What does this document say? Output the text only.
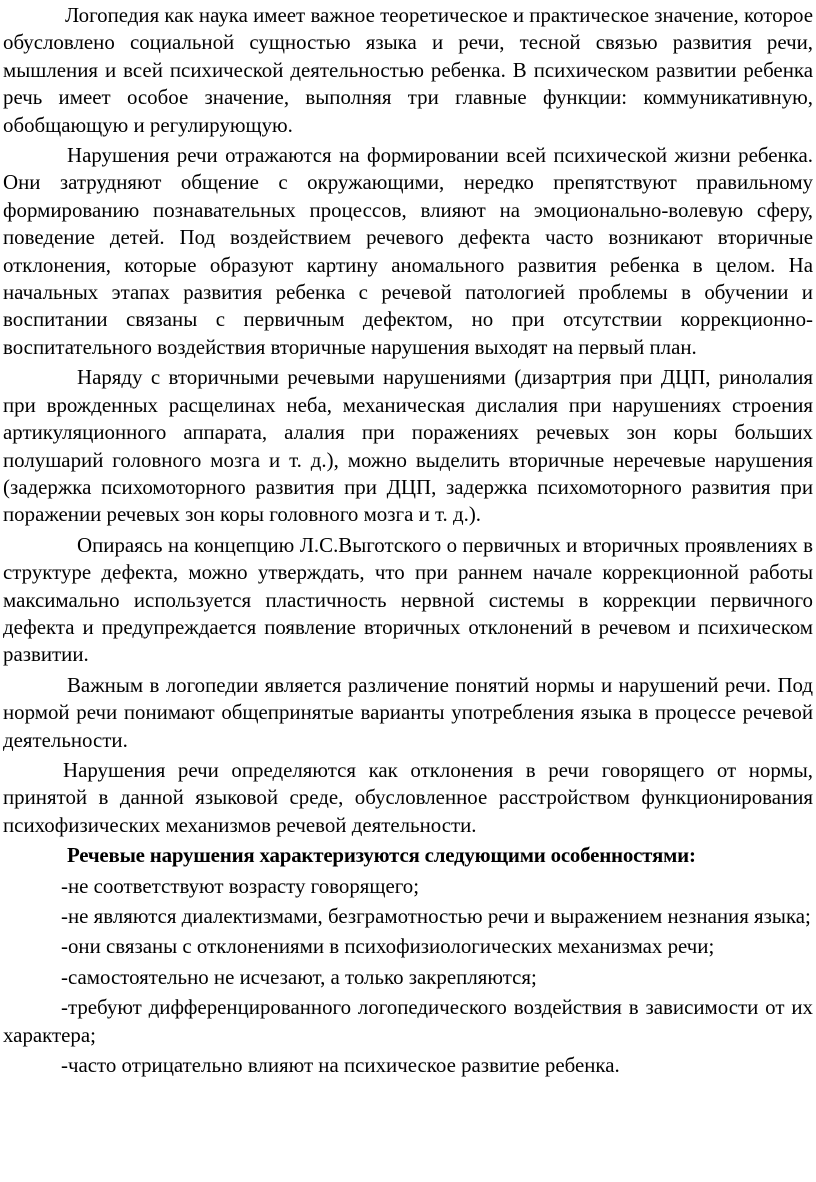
Логопедия как наука имеет важное теоретическое и практическое значение, которое обусловлено социальной сущностью языка и речи, тесной связью развития речи, мышления и всей психической деятельностью ребенка. В психическом развитии ребенка речь имеет особое значение, выполняя три главные функции: коммуникативную, обобщающую и регулирующую.

Нарушения речи отражаются на формировании всей психической жизни ребенка. Они затрудняют общение с окружающими, нередко препятствуют правильному формированию познавательных процессов, влияют на эмоционально-волевую сферу, поведение детей. Под воздействием речевого дефекта часто возникают вторичные отклонения, которые образуют картину аномального развития ребенка в целом. На начальных этапах развития ребенка с речевой патологией проблемы в обучении и воспитании связаны с первичным дефектом, но при отсутствии коррекционно-воспитательного воздействия вторичные нарушения выходят на первый план.

Наряду с вторичными речевыми нарушениями (дизартрия при ДЦП, ринолалия при врожденных расщелинах неба, механическая дислалия при нарушениях строения артикуляционного аппарата, алалия при поражениях речевых зон коры больших полушарий головного мозга и т. д.), можно выделить вторичные неречевые нарушения (задержка психомоторного развития при ДЦП, задержка психомоторного развития при поражении речевых зон коры головного мозга и т. д.).

Опираясь на концепцию Л.С.Выготского о первичных и вторичных проявлениях в структуре дефекта, можно утверждать, что при раннем начале коррекционной работы максимально используется пластичность нервной системы в коррекции первичного дефекта и предупреждается появление вторичных отклонений в речевом и психическом развитии.

Важным в логопедии является различение понятий нормы и нарушений речи. Под нормой речи понимают общепринятые варианты употребления языка в процессе речевой деятельности.

Нарушения речи определяются как отклонения в речи говорящего от нормы, принятой в данной языковой среде, обусловленное расстройством функционирования психофизических механизмов речевой деятельности.

Речевые нарушения характеризуются следующими особенностями:

-не соответствуют возрасту говорящего;
-не являются диалектизмами, безграмотностью речи и выражением незнания языка;
-они связаны с отклонениями в психофизиологических механизмах речи;
-самостоятельно не исчезают, а только закрепляются;
-требуют дифференцированного логопедического воздействия в зависимости от их характера;
-часто отрицательно влияют на психическое развитие ребенка.
